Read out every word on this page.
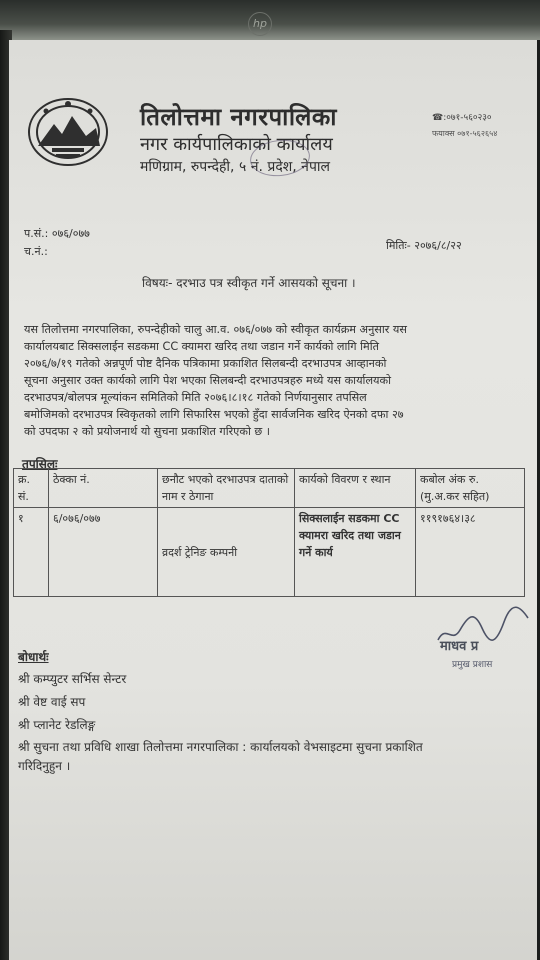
hp
तिलोत्तमा नगरपालिका
नगर कार्यपालिकाको कार्यालय
मणिग्राम, रुपन्देही, ५ नं. प्रदेश, नेपाल
☎:०७१-५६०२३०
फयाक्स ०७१-५६२६५४
प.सं.: ०७६/०७७
च.नं.:	मितिः- २०७६/८/२२
विषयः- दरभाउ पत्र स्वीकृत गर्ने आसयको सूचना ।
यस तिलोत्तमा नगरपालिका, रुपन्देहीको चालु आ.व. ०७६/०७७ को स्वीकृत कार्यक्रम अनुसार यस
कार्यालयबाट सिक्सलाईन सडकमा CC क्यामरा खरिद तथा जडान गर्ने कार्यको लागि मिति
२०७६/७/१९ गतेको अन्नपूर्ण पोष्ट दैनिक पत्रिकामा प्रकाशित सिलबन्दी दरभाउपत्र आव्हानको
सूचना अनुसार उक्त कार्यको लागि पेश भएका सिलबन्दी दरभाउपत्रहरु मध्ये यस कार्यालयको
दरभाउपत्र/बोलपत्र मूल्यांकन समितिको मिति २०७६।८।१८ गतेको निर्णयानुसार तपसिल
बमोजिमको दरभाउपत्र स्विकृतको लागि सिफारिस भएको हुँदा सार्वजनिक खरिद ऐनको दफा २७
को उपदफा २ को प्रयोजनार्थ यो सुचना प्रकाशित गरिएको छ ।
तपसिलः
क्र. सं.	ठेक्का नं.	छनौट भएको दरभाउपत्र दाताको नाम र ठेगाना	कार्यको विवरण र स्थान	कबोल अंक रु. (मु.अ.कर सहित)
१	६/०७६/०७७	व्रदर्श ट्रेनिङ कम्पनी	सिक्सलाईन सडकमा CC क्यामरा खरिद तथा जडान गर्ने कार्य	११९१७६४।३८
माधव प्र
प्रमुख प्रशास
बोधार्थः
श्री कम्प्युटर सर्भिस सेन्टर
श्री वेष्ट वाई सप
श्री प्लानेट रेडलिङ्ग
श्री सुचना तथा प्रविधि शाखा तिलोत्तमा नगरपालिका : कार्यालयको वेभसाइटमा सुचना प्रकाशित
गरिदिनुहुन ।
